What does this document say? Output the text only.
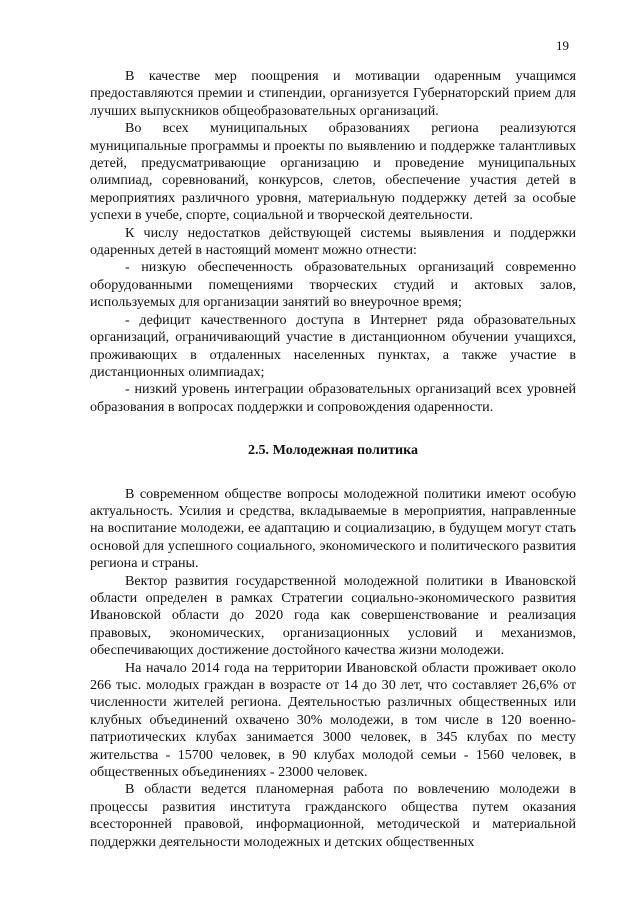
19

В качестве мер поощрения и мотивации одаренным учащимся предоставляются премии и стипендии, организуется Губернаторский прием для лучших выпускников общеобразовательных организаций.

Во всех муниципальных образованиях региона реализуются муниципальные программы и проекты по выявлению и поддержке талантливых детей, предусматривающие организацию и проведение муниципальных олимпиад, соревнований, конкурсов, слетов, обеспечение участия детей в мероприятиях различного уровня, материальную поддержку детей за особые успехи в учебе, спорте, социальной и творческой деятельности.

К числу недостатков действующей системы выявления и поддержки одаренных детей в настоящий момент можно отнести:

- низкую обеспеченность образовательных организаций современно оборудованными помещениями творческих студий и актовых залов, используемых для организации занятий во внеурочное время;

- дефицит качественного доступа в Интернет ряда образовательных организаций, ограничивающий участие в дистанционном обучении учащихся, проживающих в отдаленных населенных пунктах, а также участие в дистанционных олимпиадах;

- низкий уровень интеграции образовательных организаций всех уровней образования в вопросах поддержки и сопровождения одаренности.

2.5. Молодежная политика

В современном обществе вопросы молодежной политики имеют особую актуальность. Усилия и средства, вкладываемые в мероприятия, направленные на воспитание молодежи, ее адаптацию и социализацию, в будущем могут стать основой для успешного социального, экономического и политического развития региона и страны.

Вектор развития государственной молодежной политики в Ивановской области определен в рамках Стратегии социально-экономического развития Ивановской области до 2020 года как совершенствование и реализация правовых, экономических, организационных условий и механизмов, обеспечивающих достижение достойного качества жизни молодежи.

На начало 2014 года на территории Ивановской области проживает около 266 тыс. молодых граждан в возрасте от 14 до 30 лет, что составляет 26,6% от численности жителей региона. Деятельностью различных общественных или клубных объединений охвачено 30% молодежи, в том числе в 120 военно-патриотических клубах занимается 3000 человек, в 345 клубах по месту жительства - 15700 человек, в 90 клубах молодой семьи - 1560 человек, в общественных объединениях - 23000 человек.

В области ведется планомерная работа по вовлечению молодежи в процессы развития института гражданского общества путем оказания всесторонней правовой, информационной, методической и материальной поддержки деятельности молодежных и детских общественных
